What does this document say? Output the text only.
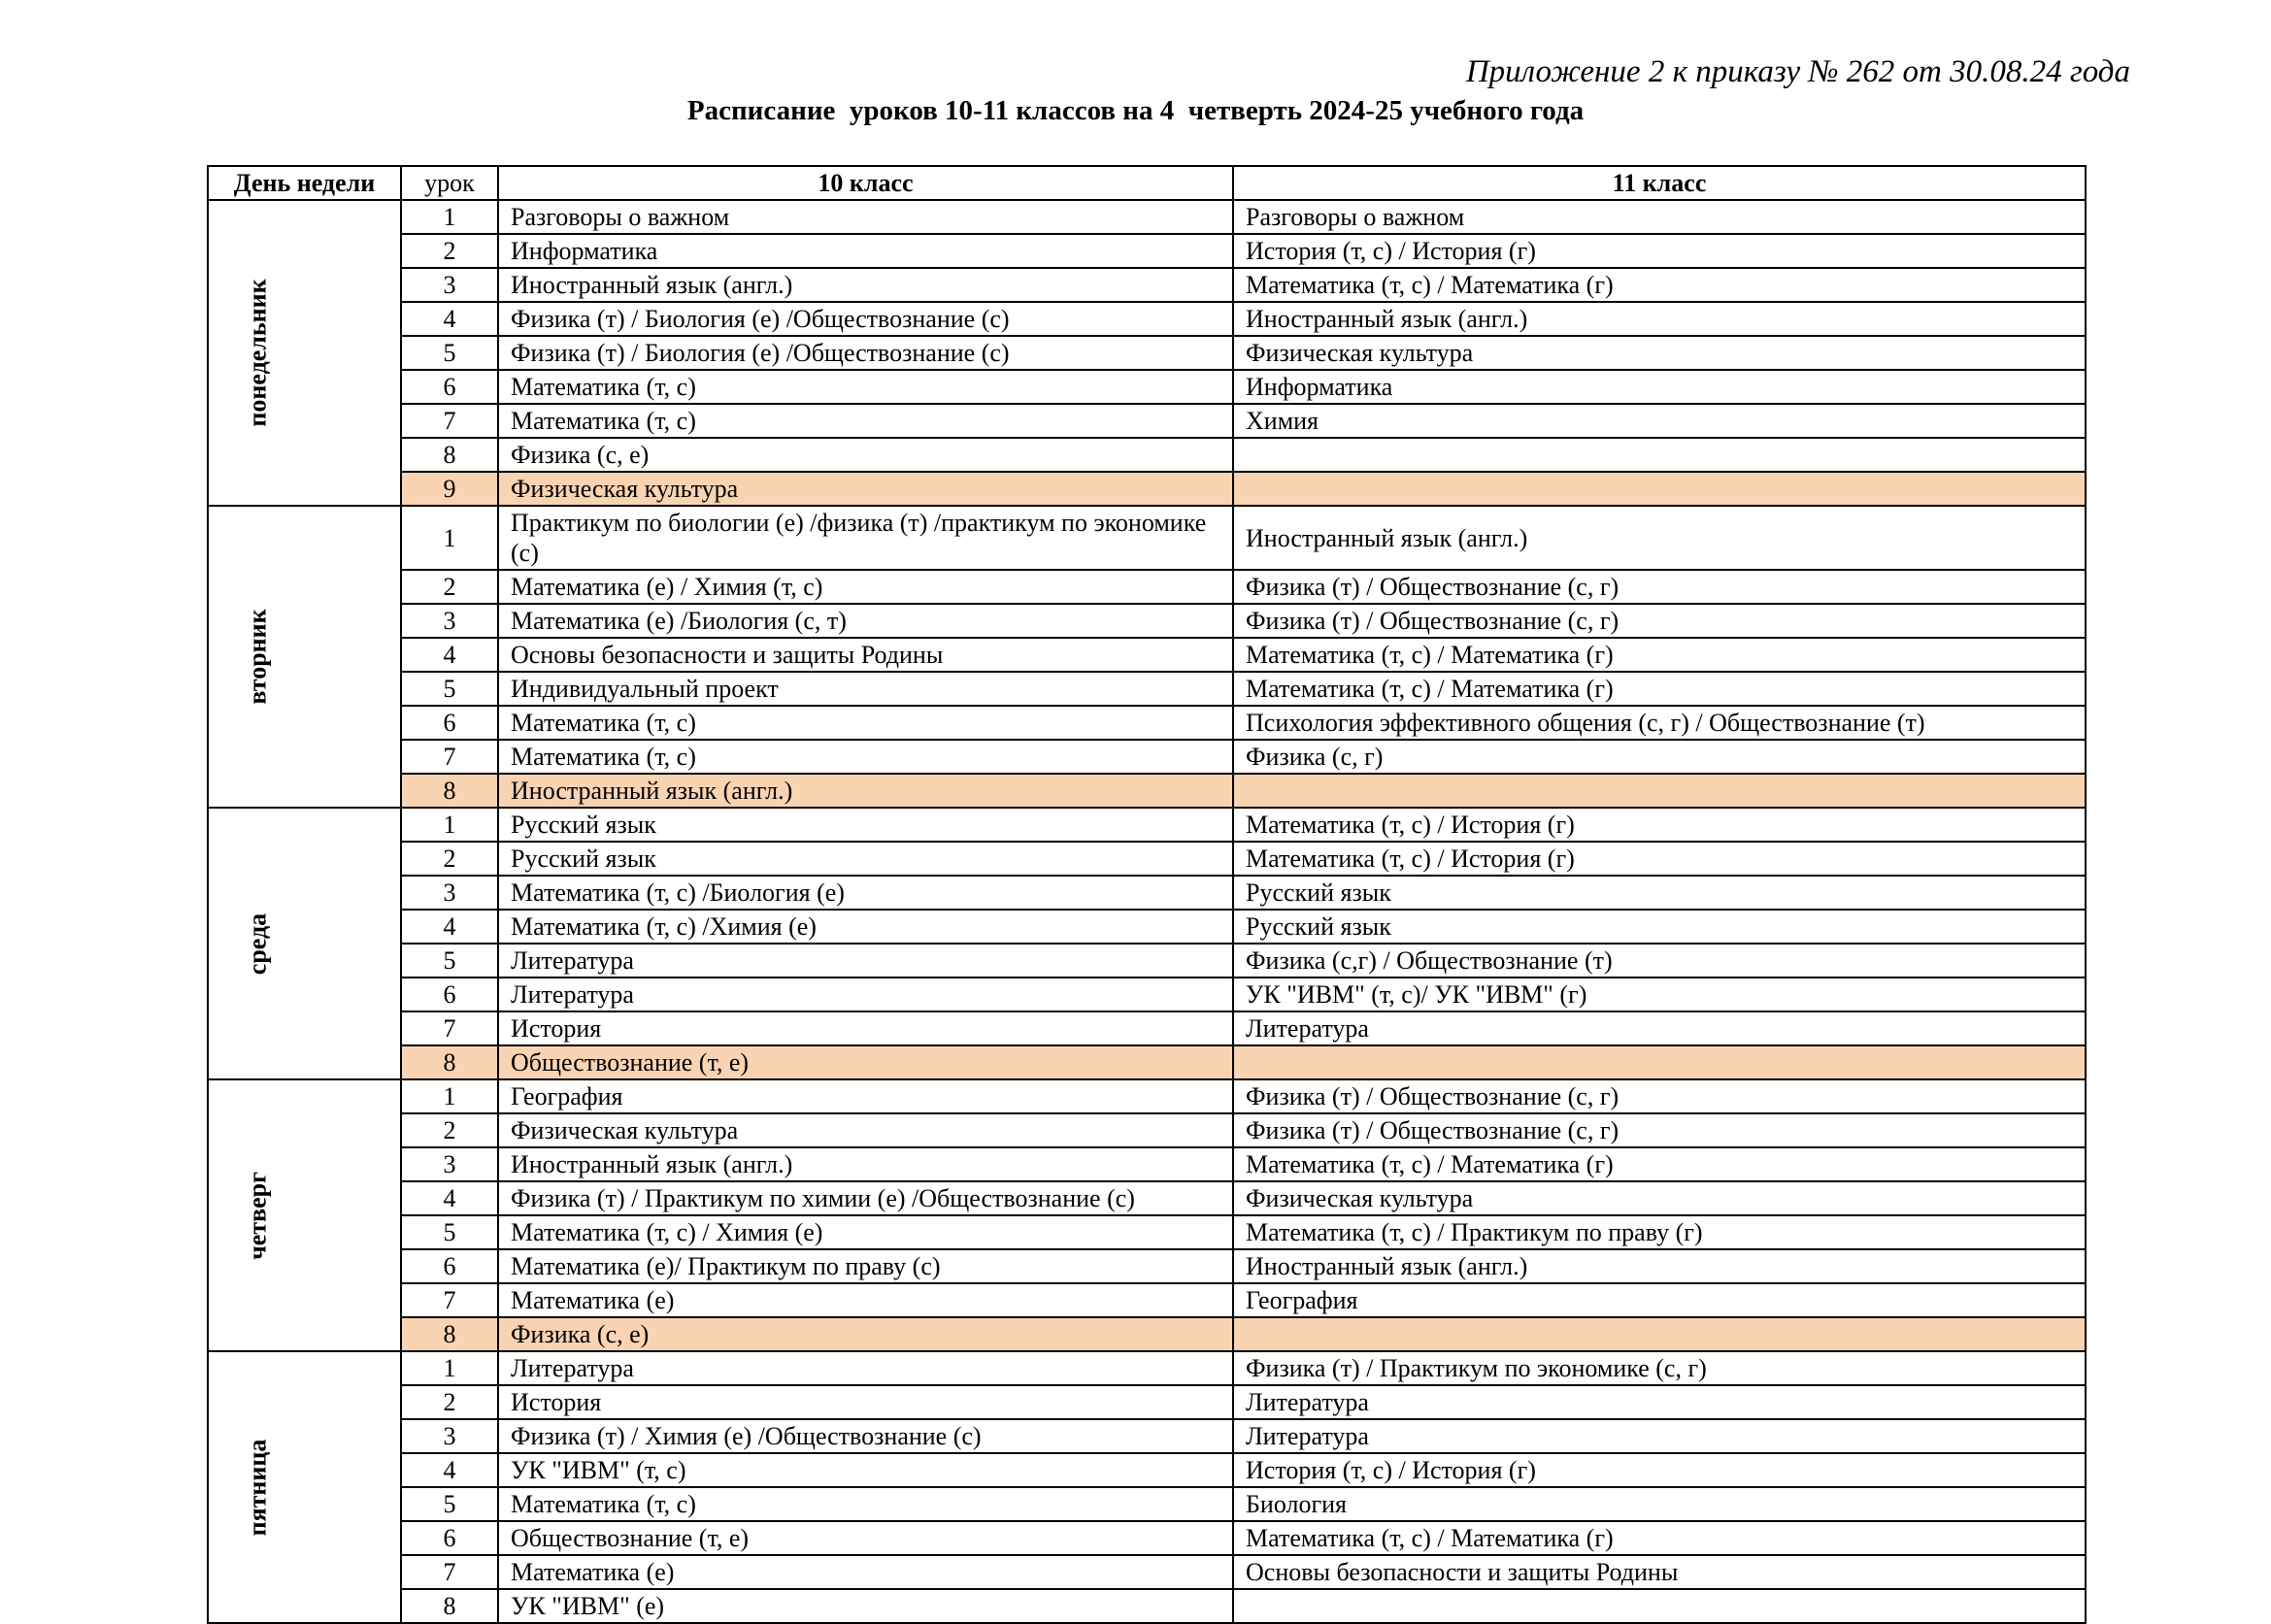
Приложение 2 к приказу № 262 от 30.08.24 года
Расписание  уроков 10-11 классов на 4  четверть 2024-25 учебного года
День недели	урок	10 класс	11 класс

понедельник	1	Разговоры о важном	Разговоры о важном
	2	Информатика	История (т, с) / История (г)
	3	Иностранный язык (англ.)	Математика (т, с) / Математика (г)
	4	Физика (т) / Биология (е) /Обществознание (с)	Иностранный язык (англ.)
	5	Физика (т) / Биология (е) /Обществознание (с)	Физическая культура
	6	Математика (т, с)	Информатика
	7	Математика (т, с)	Химия
	8	Физика (с, е)	
	9	Физическая культура	

вторник	1	Практикум по биологии (е) /физика (т) /практикум по экономике (с)	Иностранный язык (англ.)
	2	Математика (е) / Химия (т, с)	Физика (т) / Обществознание (с, г)
	3	Математика (е) /Биология (с, т)	Физика (т) / Обществознание (с, г)
	4	Основы безопасности и защиты Родины	Математика (т, с) / Математика (г)
	5	Индивидуальный проект	Математика (т, с) / Математика (г)
	6	Математика (т, с)	Психология эффективного общения (с, г) / Обществознание (т)
	7	Математика (т, с)	Физика (с, г)
	8	Иностранный язык (англ.)	

среда	1	Русский язык	Математика (т, с) / История (г)
	2	Русский язык	Математика (т, с) / История (г)
	3	Математика (т, с) /Биология (е)	Русский язык
	4	Математика (т, с) /Химия (е)	Русский язык
	5	Литература	Физика (с,г) / Обществознание (т)
	6	Литература	УК "ИВМ" (т, с)/ УК "ИВМ" (г)
	7	История	Литература
	8	Обществознание (т, е)	

четверг	1	География	Физика (т) / Обществознание (с, г)
	2	Физическая культура	Физика (т) / Обществознание (с, г)
	3	Иностранный язык (англ.)	Математика (т, с) / Математика (г)
	4	Физика (т) / Практикум по химии (е) /Обществознание (с)	Физическая культура
	5	Математика (т, с) / Химия (е)	Математика (т, с) / Практикум по праву (г)
	6	Математика (е)/ Практикум по праву (с)	Иностранный язык (англ.)
	7	Математика (е)	География
	8	Физика (с, е)	

пятница	1	Литература	Физика (т) / Практикум по экономике (с, г)
	2	История	Литература
	3	Физика (т) / Химия (е) /Обществознание (с)	Литература
	4	УК "ИВМ" (т, с)	История (т, с) / История (г)
	5	Математика (т, с)	Биология
	6	Обществознание (т, е)	Математика (т, с) / Математика (г)
	7	Математика (е)	Основы безопасности и защиты Родины
	8	УК "ИВМ" (е)	
